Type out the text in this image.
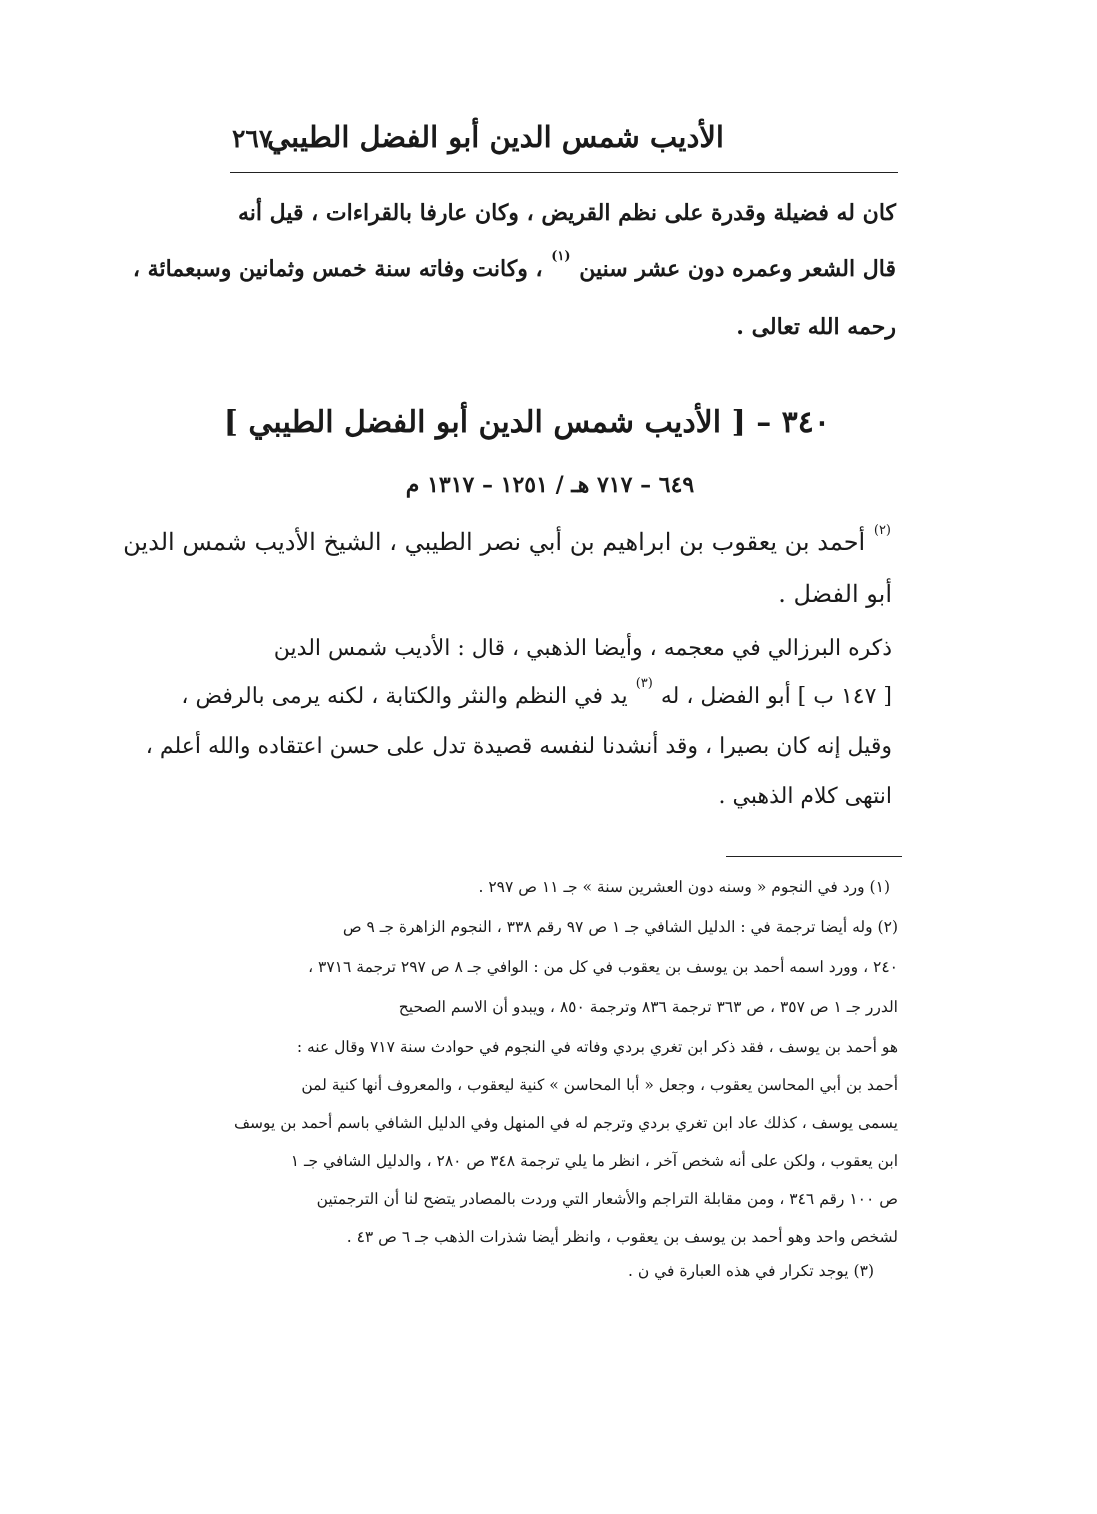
الأديب شمس الدين أبو الفضل الطيبي
٢٦٧
كان له فضيلة وقدرة على نظم القريض ، وكان عارفا بالقراءات ، قيل أنه
قال الشعر وعمره دون عشر سنين $^{(١)}$ ، وكانت وفاته سنة خمس وثمانين وسبعمائة ،
رحمه الله تعالى .
٣٤٠ – [ الأديب شمس الدين أبو الفضل الطيبي ]
٦٤٩ – ٧١٧ هـ / ١٢٥١ – ١٣١٧ م
$^{(٢)}$ أحمد بن يعقوب بن ابراهيم بن أبي نصر الطيبي ، الشيخ الأديب شمس الدين
أبو الفضل .
ذكره البرزالي في معجمه ، وأيضا الذهبي ، قال : الأديب شمس الدين
[ ١٤٧ ب ] أبو الفضل ، له $^{(٣)}$ يد في النظم والنثر والكتابة ، لكنه يرمى بالرفض ،
وقيل إنه كان بصيرا ، وقد أنشدنا لنفسه قصيدة تدل على حسن اعتقاده والله أعلم ،
انتهى كلام الذهبي .
(١) ورد في النجوم « وسنه دون العشرين سنة » جـ ١١ ص ٢٩٧ .
(٢) وله أيضا ترجمة في : الدليل الشافي جـ ١ ص ٩٧ رقم ٣٣٨ ، النجوم الزاهرة جـ ٩ ص
٢٤٠ ، وورد اسمه أحمد بن يوسف بن يعقوب في كل من : الوافي جـ ٨ ص ٢٩٧ ترجمة ٣٧١٦ ،
الدرر جـ ١ ص ٣٥٧ ، ص ٣٦٣ ترجمة ٨٣٦ وترجمة ٨٥٠ ، ويبدو أن الاسم الصحيح
هو أحمد بن يوسف ، فقد ذكر ابن تغري بردي وفاته في النجوم في حوادث سنة ٧١٧ وقال عنه :
أحمد بن أبي المحاسن يعقوب ، وجعل « أبا المحاسن » كنية ليعقوب ، والمعروف أنها كنية لمن
يسمى يوسف ، كذلك عاد ابن تغري بردي وترجم له في المنهل وفي الدليل الشافي باسم أحمد بن يوسف
ابن يعقوب ، ولكن على أنه شخص آخر ، انظر ما يلي ترجمة ٣٤٨ ص ٢٨٠ ، والدليل الشافي جـ ١
ص ١٠٠ رقم ٣٤٦ ، ومن مقابلة التراجم والأشعار التي وردت بالمصادر يتضح لنا أن الترجمتين
لشخص واحد وهو أحمد بن يوسف بن يعقوب ، وانظر أيضا شذرات الذهب جـ ٦ ص ٤٣ .
(٣) يوجد تكرار في هذه العبارة في ن .
